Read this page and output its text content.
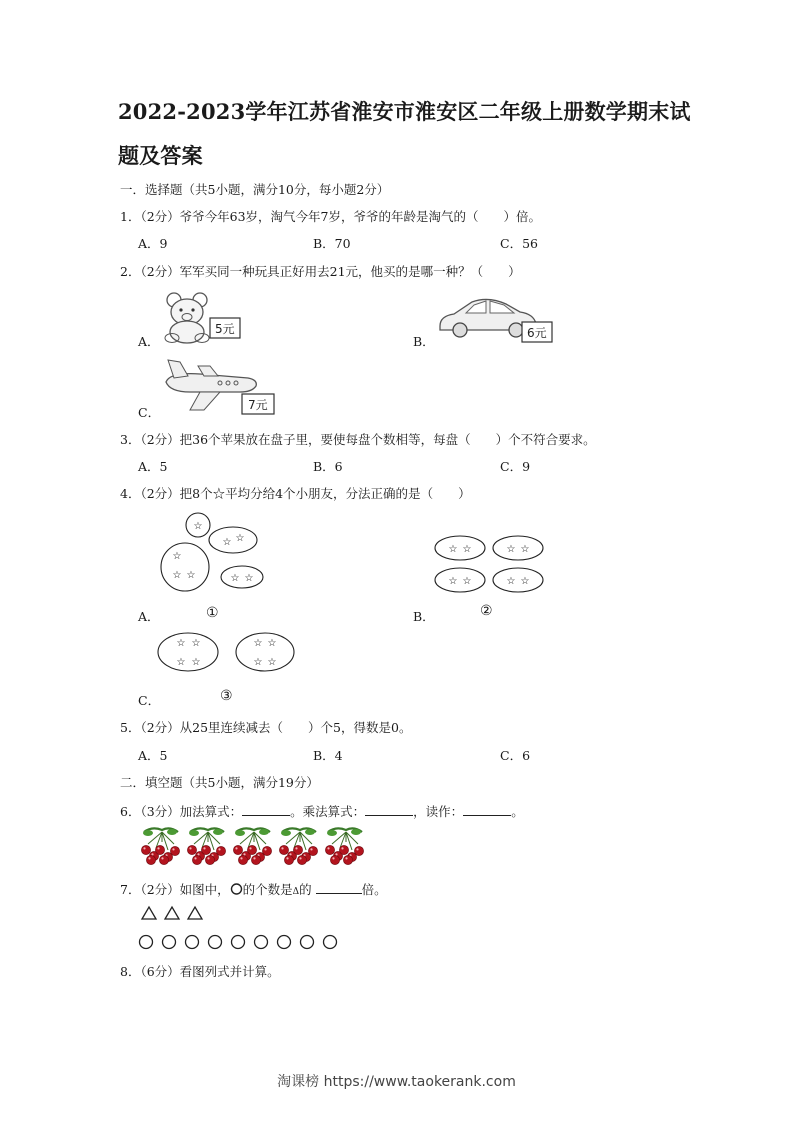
2022-2023学年江苏省淮安市淮安区二年级上册数学期末试
题及答案
一．选择题（共5小题，满分10分，每小题2分）
1．（2分）爷爷今年63岁，淘气今年7岁，爷爷的年龄是淘气的（　　）倍。
A．9	B．70	C．56
2．（2分）军军买同一种玩具正好用去21元，他买的是哪一种？（　　）
A．	B．
C．
5元	6元
7元
3．（2分）把36个苹果放在盘子里，要使每盘个数相等，每盘（　　）个不符合要求。
A．5	B．6	C．9
4．（2分）把8个☆平均分给4个小朋友，分法正确的是（　　）
☆
☆ ☆
☆
☆ ☆	☆ ☆
A．	①
☆ ☆	☆ ☆
☆ ☆	☆ ☆
B．	②
☆ ☆
☆ ☆
☆ ☆
☆ ☆
C．	③
5．（2分）从25里连续减去（　　）个5，得数是0。
A．5	B．4	C．6
二．填空题（共5小题，满分19分）
6．（3分）加法算式：	。乘法算式：	，读作：	。
7．（2分）如图中， 的个数是Δ的	倍。
8．（6分）看图列式并计算。
淘课榜 https://www.taokerank.com
